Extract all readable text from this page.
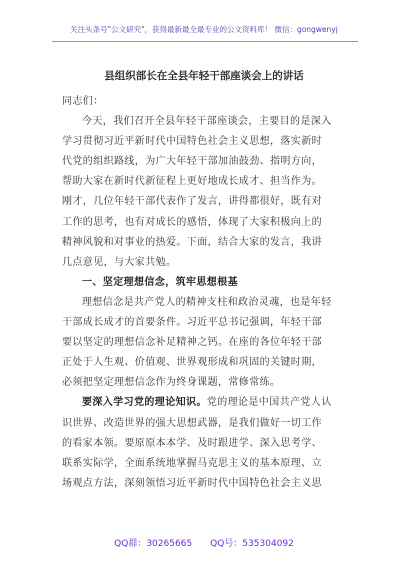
关注头条号"公文研究"，获得最新最全最专业的公文资料库！ 微信：gongwenyj
县组织部长在全县年轻干部座谈会上的讲话
同志们：
今天，我们召开全县年轻干部座谈会，主要目的是深入
学习贯彻习近平新时代中国特色社会主义思想，落实新时
代党的组织路线，为广大年轻干部加油鼓劲、指明方向，
帮助大家在新时代新征程上更好地成长成才、担当作为。
刚才，几位年轻干部代表作了发言，讲得都很好，既有对
工作的思考，也有对成长的感悟，体现了大家积极向上的
精神风貌和对事业的热爱。下面，结合大家的发言，我讲
几点意见，与大家共勉。
一、坚定理想信念，筑牢思想根基
理想信念是共产党人的精神支柱和政治灵魂，也是年轻
干部成长成才的首要条件。习近平总书记强调，年轻干部
要以坚定的理想信念补足精神之钙。在座的各位年轻干部
正处于人生观、价值观、世界观形成和巩固的关键时期，
必须把坚定理想信念作为终身课题，常修常练。
要深入学习党的理论知识。党的理论是中国共产党人认
识世界、改造世界的强大思想武器，是我们做好一切工作
的看家本领。要原原本本学、及时跟进学、深入思考学、
联系实际学，全面系统地掌握马克思主义的基本原理、立
场观点方法，深刻领悟习近平新时代中国特色社会主义思
QQ群：30265665 QQ号：535304092
